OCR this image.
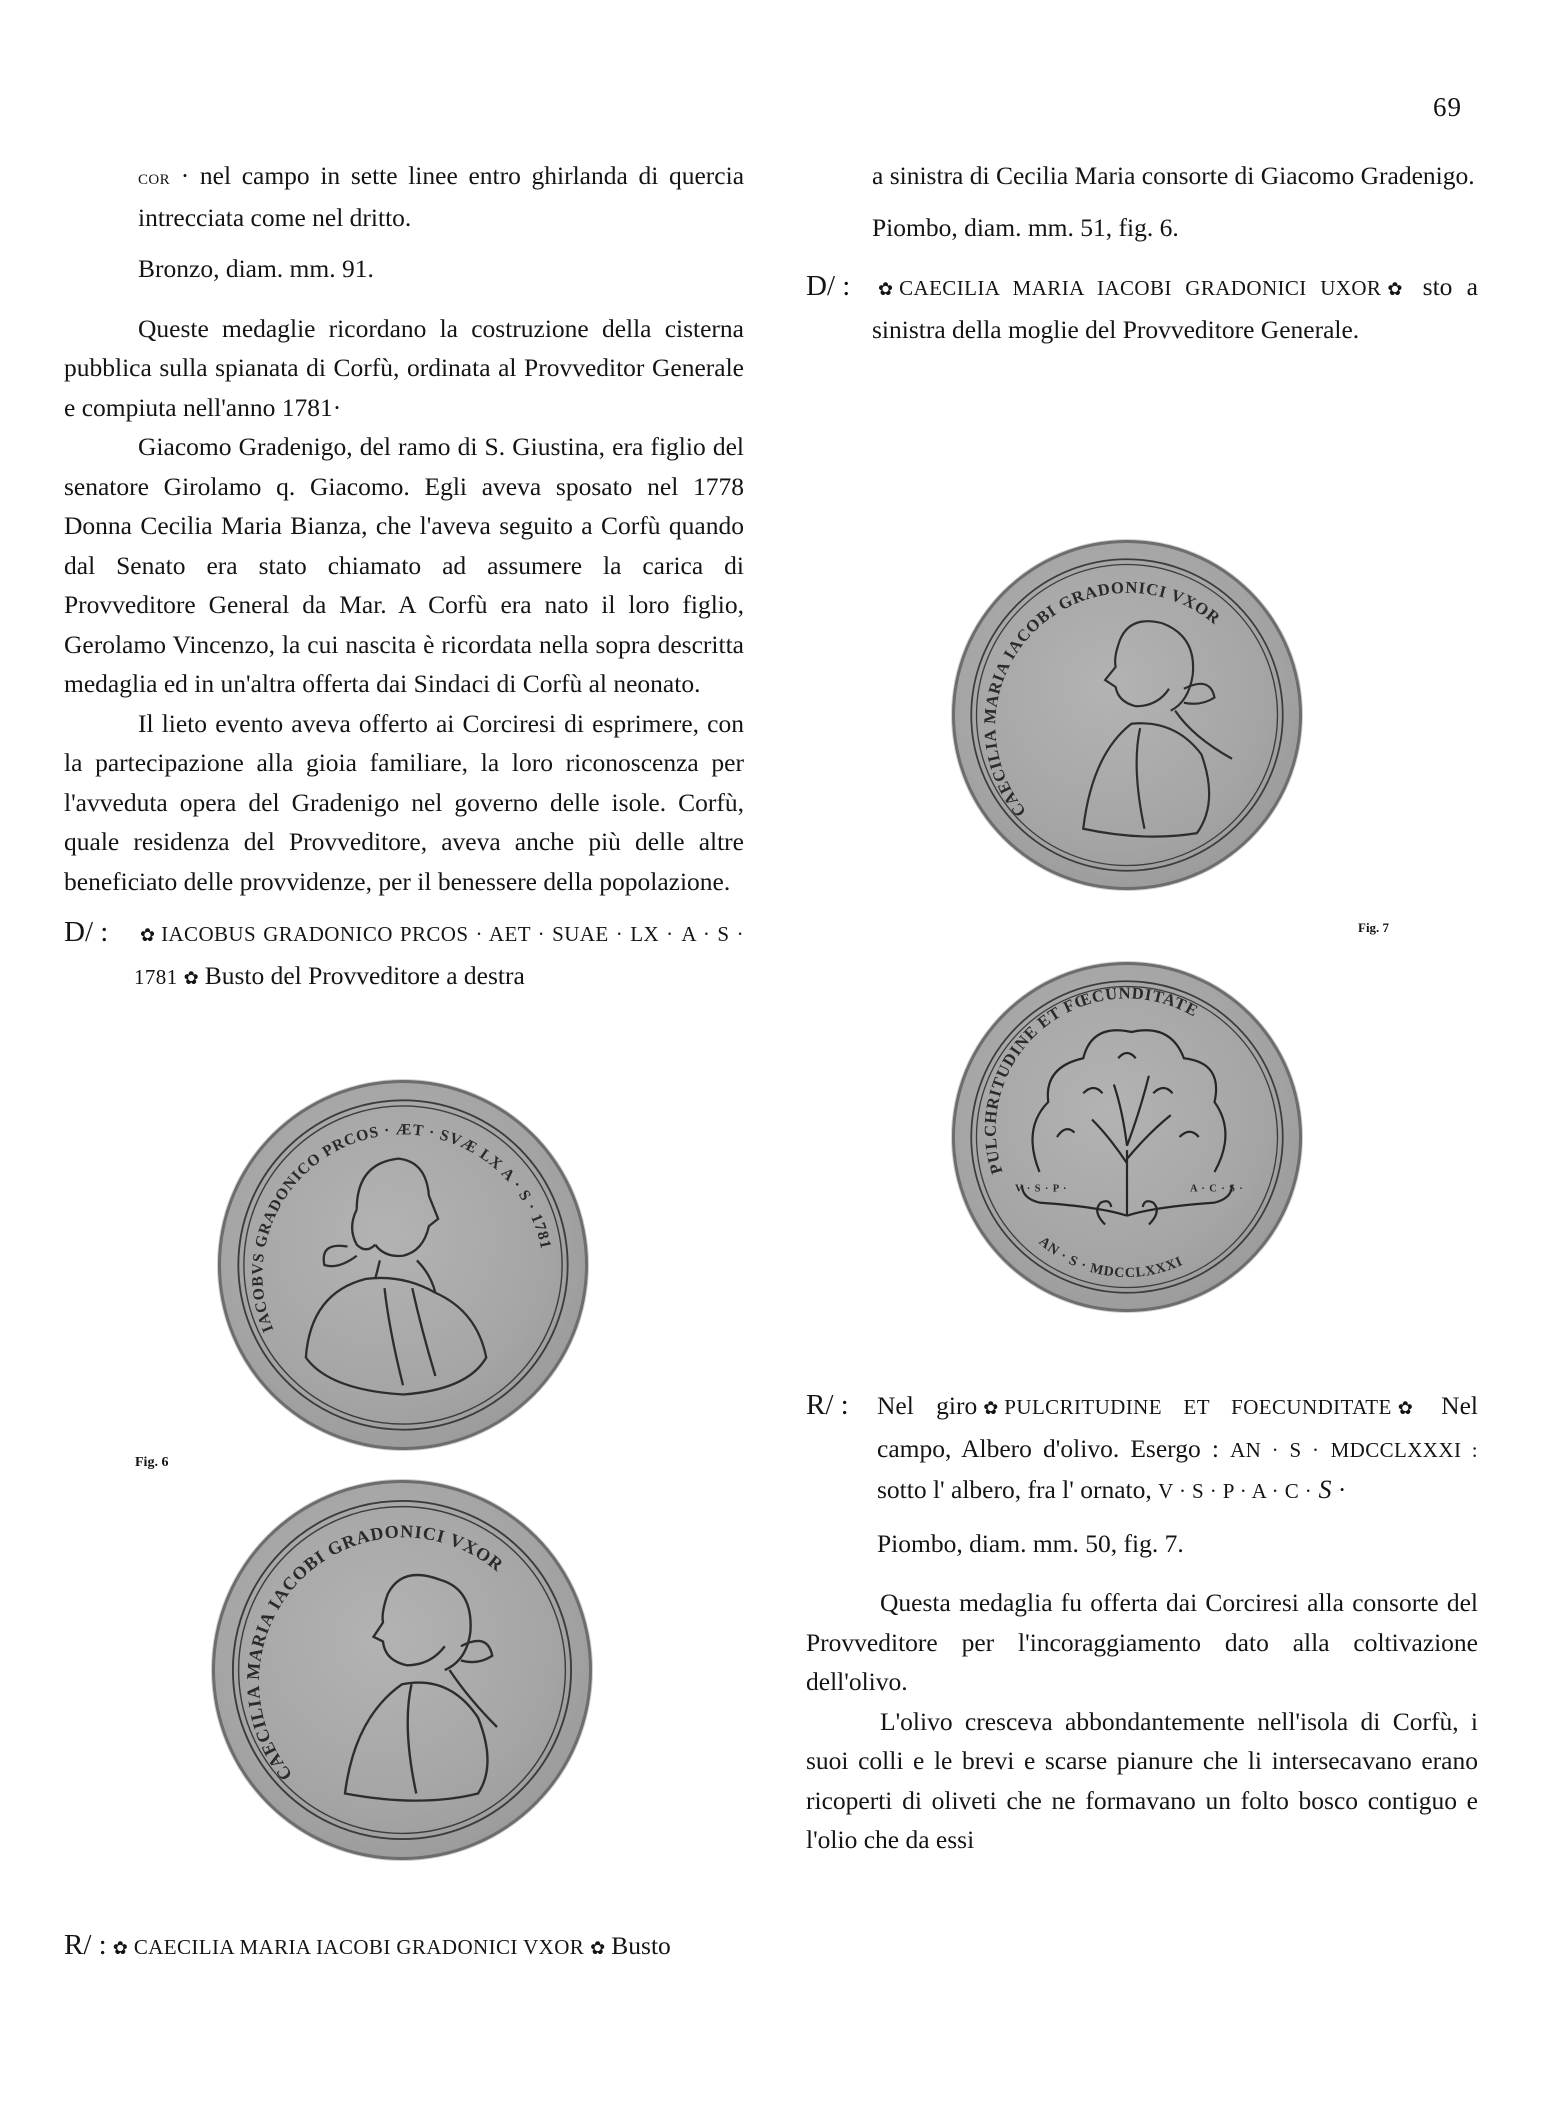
69

cor · nel campo in sette linee entro ghirlanda di quercia intrecciata come nel dritto.

Bronzo, diam. mm. 91.

Queste medaglie ricordano la costruzione della cisterna pubblica sulla spianata di Corfù, ordinata al Provveditor Generale e compiuta nell'anno 1781·

Giacomo Gradenigo, del ramo di S. Giustina, era figlio del senatore Girolamo q. Giacomo. Egli aveva sposato nel 1778 Donna Cecilia Maria Bianza, che l'aveva seguito a Corfù quando dal Senato era stato chiamato ad assumere la carica di Provveditore General da Mar. A Corfù era nato il loro figlio, Gerolamo Vincenzo, la cui nascita è ricordata nella sopra descritta medaglia ed in un'altra offerta dai Sindaci di Corfù al neonato.

Il lieto evento aveva offerto ai Corciresi di esprimere, con la partecipazione alla gioia familiare, la loro riconoscenza per l'avveduta opera del Gradenigo nel governo delle isole. Corfù, quale residenza del Provveditore, aveva anche più delle altre beneficiato delle provvidenze, per il benessere della popolazione.

D/ : ✿ IACOBUS GRADONICO PRCOS · AET · SUAE · LX · A · S · 1781 ✿ Busto del Provveditore a destra
IACOBVS GRADONICO PRCOS · ÆT · SVÆ LX A · S · 1781
Fig. 6
CAECILIA MARIA IACOBI GRADONICI VXOR

R/ : ✿ CAECILIA MARIA IACOBI GRADONICI VXOR ✿ Busto

a sinistra di Cecilia Maria consorte di Giacomo Gradenigo.

Piombo, diam. mm. 51, fig. 6.

D/ : ✿ CAECILIA MARIA IACOBI GRADONICI UXOR ✿ sto a sinistra della moglie del Provveditore Generale.
CAECILIA MARIA IACOBI GRADONICI VXOR
Fig. 7
PULCHRITUDINE ET FŒCUNDITATE
AN · S · MDCCLXXXI
V · S · P ·	A · C · S ·
R/ : Nel giro ✿ PULCRITUDINE ET FOECUNDITATE ✿ Nel campo, Albero d'olivo. Esergo : AN · S · MDCCLXXXI : sotto l' albero, fra l' ornato, V · S · P · A · C · S ·

Piombo, diam. mm. 50, fig. 7.

Questa medaglia fu offerta dai Corciresi alla consorte del Provveditore per l'incoraggiamento dato alla coltivazione dell'olivo.

L'olivo cresceva abbondantemente nell'isola di Corfù, i suoi colli e le brevi e scarse pianure che li intersecavano erano ricoperti di oliveti che ne formavano un folto bosco contiguo e l'olio che da essi
